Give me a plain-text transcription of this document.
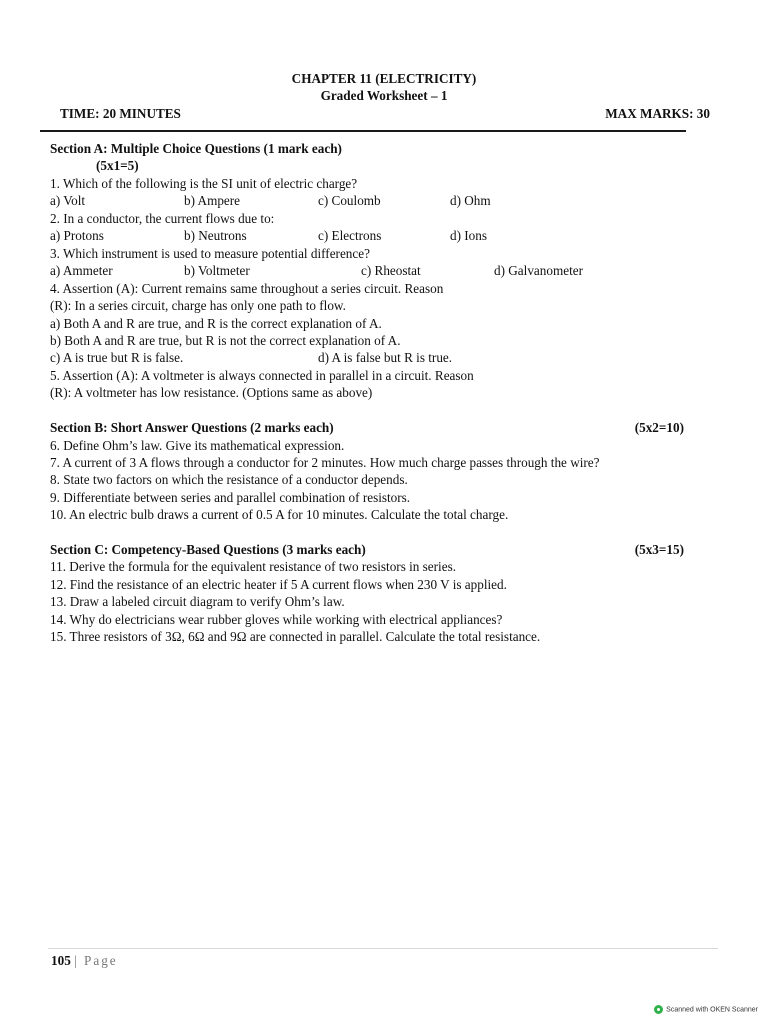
CHAPTER 11 (ELECTRICITY)
Graded Worksheet – 1
TIME: 20 MINUTES	MAX MARKS: 30
Section A: Multiple Choice Questions (1 mark each)
(5x1=5)
1. Which of the following is the SI unit of electric charge?
a) Volt	b) Ampere	c) Coulomb	d) Ohm
2. In a conductor, the current flows due to:
a) Protons	b) Neutrons	c) Electrons	d) Ions
3. Which instrument is used to measure potential difference?
a) Ammeter	b) Voltmeter	c) Rheostat	d) Galvanometer
4. Assertion (A): Current remains same throughout a series circuit. Reason
(R): In a series circuit, charge has only one path to flow.
a) Both A and R are true, and R is the correct explanation of A.
b) Both A and R are true, but R is not the correct explanation of A.
c) A is true but R is false.	d) A is false but R is true.
5. Assertion (A): A voltmeter is always connected in parallel in a circuit. Reason
(R): A voltmeter has low resistance. (Options same as above)
Section B: Short Answer Questions (2 marks each)	(5x2=10)
6. Define Ohm’s law. Give its mathematical expression.
7. A current of 3 A flows through a conductor for 2 minutes. How much charge passes through the wire?
8. State two factors on which the resistance of a conductor depends.
9. Differentiate between series and parallel combination of resistors.
10. An electric bulb draws a current of 0.5 A for 10 minutes. Calculate the total charge.
Section C: Competency-Based Questions (3 marks each)	(5x3=15)
11. Derive the formula for the equivalent resistance of two resistors in series.
12. Find the resistance of an electric heater if 5 A current flows when 230 V is applied.
13. Draw a labeled circuit diagram to verify Ohm’s law.
14. Why do electricians wear rubber gloves while working with electrical appliances?
15. Three resistors of 3Ω, 6Ω and 9Ω are connected in parallel. Calculate the total resistance.
105 | Page
Scanned with OKEN Scanner
